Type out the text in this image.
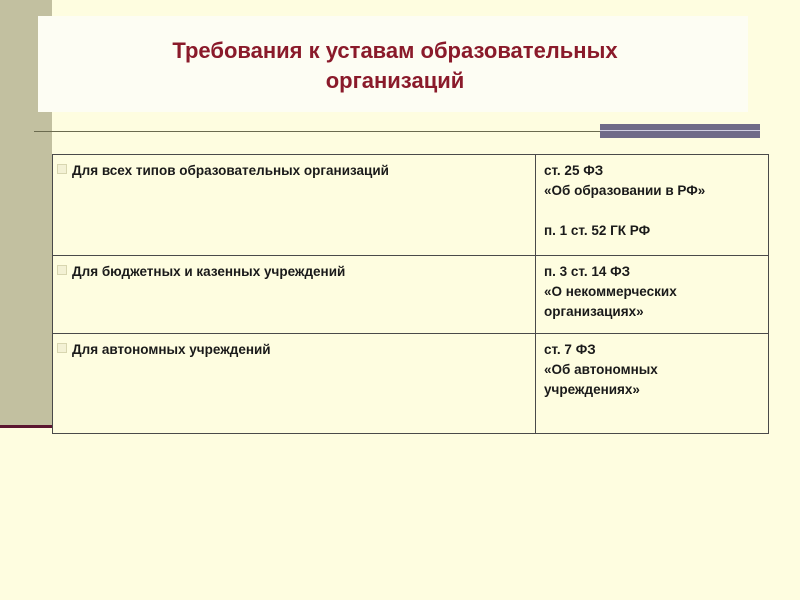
Требования к уставам образовательных
организаций
Для всех типов образовательных организаций	ст. 25 ФЗ
«Об образовании в РФ»
п. 1 ст. 52 ГК РФ

Для бюджетных и казенных учреждений	п. 3 ст. 14 ФЗ
«О некоммерческих
организациях»

Для автономных учреждений	ст. 7 ФЗ
«Об автономных
учреждениях»
